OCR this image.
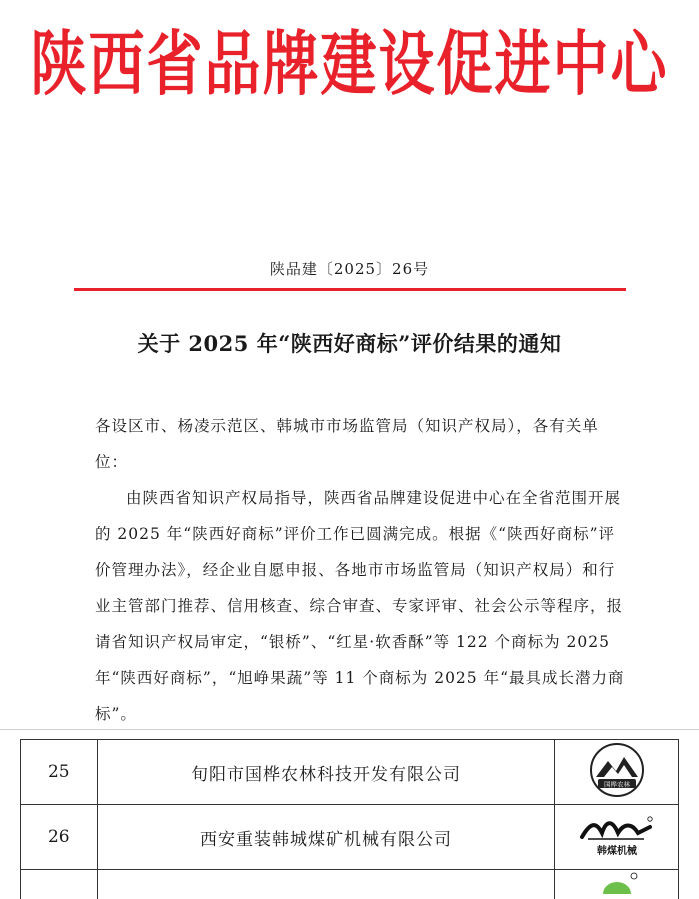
陕西省品牌建设促进中心
陕品建〔2025〕26号
关于 2025 年“陕西好商标”评价结果的通知

各设区市、杨凌示范区、韩城市市场监管局（知识产权局），各有关单位：

由陕西省知识产权局指导，陕西省品牌建设促进中心在全省范围开展的 2025 年“陕西好商标”评价工作已圆满完成。根据《“陕西好商标”评价管理办法》，经企业自愿申报、各地市市场监管局（知识产权局）和行业主管部门推荐、信用核查、综合审查、专家评审、社会公示等程序，报请省知识产权局审定，“银桥”、“红星·软香酥”等 122 个商标为 2025 年“陕西好商标”，“旭峥果蔬”等 11 个商标为 2025 年“最具成长潜力商标”。

25	旬阳市国桦农林科技开发有限公司	国桦农林

26	西安重装韩城煤矿机械有限公司	韩煤机械
